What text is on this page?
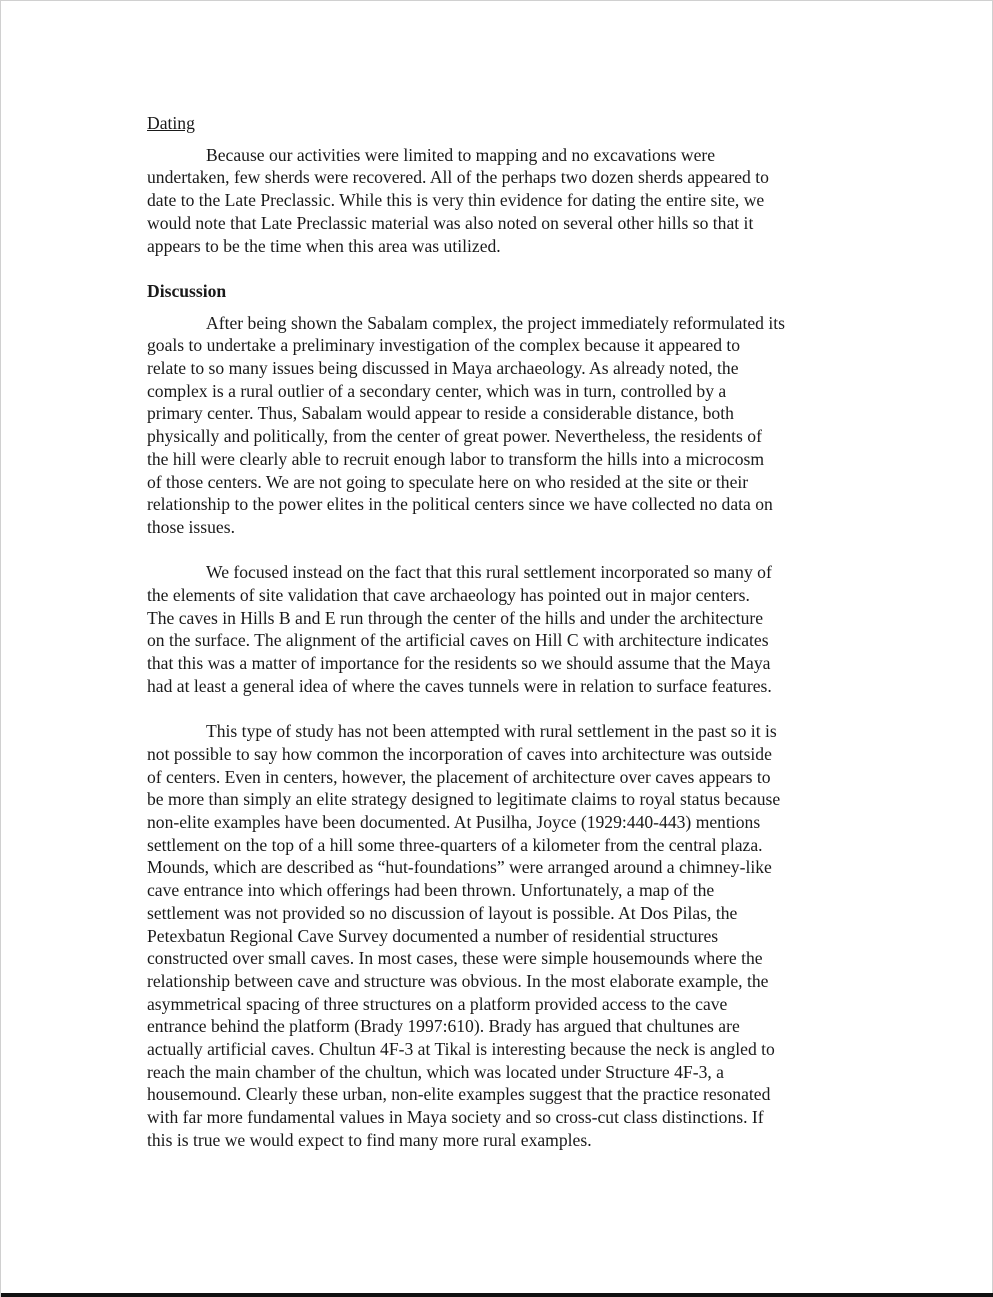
Dating

Because our activities were limited to mapping and no excavations were
undertaken, few sherds were recovered. All of the perhaps two dozen sherds appeared to
date to the Late Preclassic. While this is very thin evidence for dating the entire site, we
would note that Late Preclassic material was also noted on several other hills so that it
appears to be the time when this area was utilized.

Discussion

After being shown the Sabalam complex, the project immediately reformulated its
goals to undertake a preliminary investigation of the complex because it appeared to
relate to so many issues being discussed in Maya archaeology. As already noted, the
complex is a rural outlier of a secondary center, which was in turn, controlled by a
primary center. Thus, Sabalam would appear to reside a considerable distance, both
physically and politically, from the center of great power. Nevertheless, the residents of
the hill were clearly able to recruit enough labor to transform the hills into a microcosm
of those centers. We are not going to speculate here on who resided at the site or their
relationship to the power elites in the political centers since we have collected no data on
those issues.

We focused instead on the fact that this rural settlement incorporated so many of
the elements of site validation that cave archaeology has pointed out in major centers.
The caves in Hills B and E run through the center of the hills and under the architecture
on the surface. The alignment of the artificial caves on Hill C with architecture indicates
that this was a matter of importance for the residents so we should assume that the Maya
had at least a general idea of where the caves tunnels were in relation to surface features.

This type of study has not been attempted with rural settlement in the past so it is
not possible to say how common the incorporation of caves into architecture was outside
of centers. Even in centers, however, the placement of architecture over caves appears to
be more than simply an elite strategy designed to legitimate claims to royal status because
non-elite examples have been documented. At Pusilha, Joyce (1929:440-443) mentions
settlement on the top of a hill some three-quarters of a kilometer from the central plaza.
Mounds, which are described as “hut-foundations” were arranged around a chimney-like
cave entrance into which offerings had been thrown. Unfortunately, a map of the
settlement was not provided so no discussion of layout is possible. At Dos Pilas, the
Petexbatun Regional Cave Survey documented a number of residential structures
constructed over small caves. In most cases, these were simple housemounds where the
relationship between cave and structure was obvious. In the most elaborate example, the
asymmetrical spacing of three structures on a platform provided access to the cave
entrance behind the platform (Brady 1997:610). Brady has argued that chultunes are
actually artificial caves. Chultun 4F-3 at Tikal is interesting because the neck is angled to
reach the main chamber of the chultun, which was located under Structure 4F-3, a
housemound. Clearly these urban, non-elite examples suggest that the practice resonated
with far more fundamental values in Maya society and so cross-cut class distinctions. If
this is true we would expect to find many more rural examples.
